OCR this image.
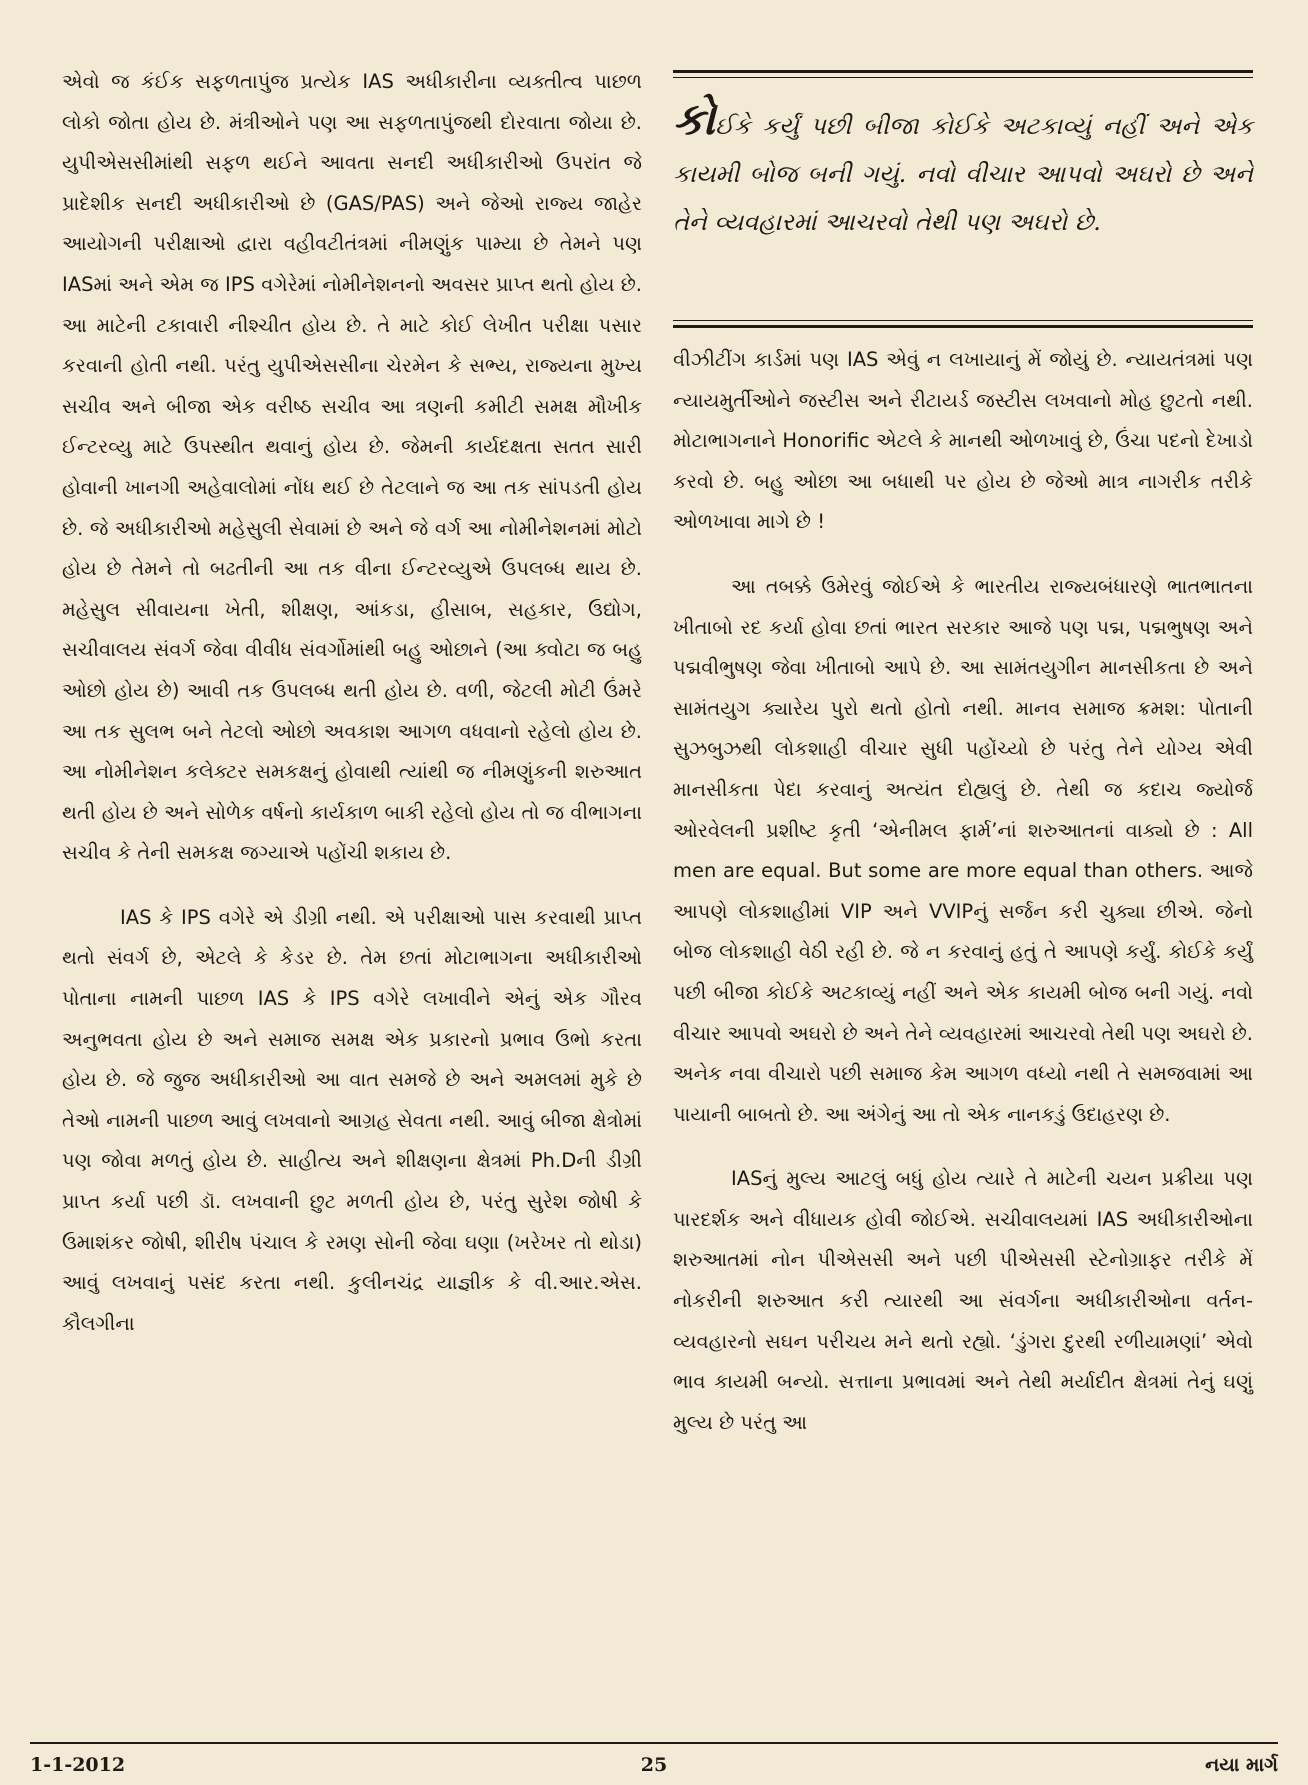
એવો જ કંઈક સફળતાપુંજ પ્રત્યેક IAS અધીકારીના વ્યક્તીત્વ પાછળ લોકો જોતા હોય છે. મંત્રીઓને પણ આ સફળતાપુંજથી દોરવાતા જોયા છે. યુપીએસસીમાંથી સફળ થઈને આવતા સનદી અધીકારીઓ ઉપરાંત જે પ્રાદેશીક સનદી અધીકારીઓ છે (GAS/PAS) અને જેઓ રાજ્ય જાહેર આયોગની પરીક્ષાઓ દ્વારા વહીવટીતંત્રમાં નીમણુંક પામ્યા છે તેમને પણ IASમાં અને એમ જ IPS વગેરેમાં નોમીનેશનનો અવસર પ્રાપ્ત થતો હોય છે. આ માટેની ટકાવારી નીશ્ચીત હોય છે. તે માટે કોઈ લેખીત પરીક્ષા પસાર કરવાની હોતી નથી. પરંતુ યુપીએસસીના ચેરમેન કે સભ્ય, રાજ્યના મુખ્ય સચીવ અને બીજા એક વરીષ્ઠ સચીવ આ ત્રણની કમીટી સમક્ષ મૌખીક ઈન્ટરવ્યુ માટે ઉપસ્થીત થવાનું હોય છે. જેમની કાર્યદક્ષતા સતત સારી હોવાની ખાનગી અહેવાલોમાં નોંધ થઈ છે તેટલાને જ આ તક સાંપડતી હોય છે. જે અધીકારીઓ મહેસુલી સેવામાં છે અને જે વર્ગ આ નોમીનેશનમાં મોટો હોય છે તેમને તો બઢતીની આ તક વીના ઈન્ટરવ્યુએ ઉપલબ્ધ થાય છે. મહેસુલ સીવાયના ખેતી, શીક્ષણ, આંકડા, હીસાબ, સહકાર, ઉદ્યોગ, સચીવાલય સંવર્ગ જેવા વીવીધ સંવર્ગોમાંથી બહુ ઓછાને (આ ક્વોટા જ બહુ ઓછો હોય છે) આવી તક ઉપલબ્ધ થતી હોય છે. વળી, જેટલી મોટી ઉંમરે આ તક સુલભ બને તેટલો ઓછો અવકાશ આગળ વધવાનો રહેલો હોય છે. આ નોમીનેશન કલેક્ટર સમકક્ષનું હોવાથી ત્યાંથી જ નીમણુંકની શરુઆત થતી હોય છે અને સોળેક વર્ષનો કાર્યકાળ બાકી રહેલો હોય તો જ વીભાગના સચીવ કે તેની સમકક્ષ જગ્યાએ પહોંચી શકાય છે.

IAS કે IPS વગેરે એ ડીગ્રી નથી. એ પરીક્ષાઓ પાસ કરવાથી પ્રાપ્ત થતો સંવર્ગ છે, એટલે કે કેડર છે. તેમ છતાં મોટાભાગના અધીકારીઓ પોતાના નામની પાછળ IAS કે IPS વગેરે લખાવીને એનું એક ગૌરવ અનુભવતા હોય છે અને સમાજ સમક્ષ એક પ્રકારનો પ્રભાવ ઉભો કરતા હોય છે. જે જુજ અધીકારીઓ આ વાત સમજે છે અને અમલમાં મુકે છે તેઓ નામની પાછળ આવું લખવાનો આગ્રહ સેવતા નથી. આવું બીજા ક્ષેત્રોમાં પણ જોવા મળતું હોય છે. સાહીત્ય અને શીક્ષણના ક્ષેત્રમાં Ph.Dની ડીગ્રી પ્રાપ્ત કર્યા પછી ડૉ. લખવાની છુટ મળતી હોય છે, પરંતુ સુરેશ જોષી કે ઉમાશંકર જોષી, શીરીષ પંચાલ કે રમણ સોની જેવા ઘણા (ખરેખર તો થોડા) આવું લખવાનું પસંદ કરતા નથી. કુલીનચંદ્ર યાજ્ઞીક કે વી.આર.એસ. કૌલગીના

કોઈકે કર્યું પછી બીજા કોઈકે અટકાવ્યું નહીં અને એક કાયમી બોજ બની ગયું. નવો વીચાર આપવો અઘરો છે અને તેને વ્યવહારમાં આચરવો તેથી પણ અઘરો છે.

વીઝીટીંગ કાર્ડમાં પણ IAS એવું ન લખાયાનું મેં જોયું છે. ન્યાયતંત્રમાં પણ ન્યાયમુર્તીઓને જસ્ટીસ અને રીટાયર્ડ જસ્ટીસ લખવાનો મોહ છુટતો નથી. મોટાભાગનાને Honorific એટલે કે માનથી ઓળખાવું છે, ઉંચા પદનો દેખાડો કરવો છે. બહુ ઓછા આ બધાથી પર હોય છે જેઓ માત્ર નાગરીક તરીકે ઓળખાવા માગે છે !

આ તબક્કે ઉમેરવું જોઈએ કે ભારતીય રાજ્યબંધારણે ભાતભાતના ખીતાબો રદ કર્યા હોવા છતાં ભારત સરકાર આજે પણ પદ્મ, પદ્મભુષણ અને પદ્મવીભુષણ જેવા ખીતાબો આપે છે. આ સામંતયુગીન માનસીકતા છે અને સામંતયુગ ક્યારેય પુરો થતો હોતો નથી. માનવ સમાજ ક્રમશ: પોતાની સુઝબુઝથી લોકશાહી વીચાર સુધી પહોંચ્યો છે પરંતુ તેને યોગ્ય એવી માનસીકતા પેદા કરવાનું અત્યંત દોહ્યલું છે. તેથી જ કદાચ જ્યોર્જ ઓરવેલની પ્રશીષ્ટ કૃતી ‘એનીમલ ફાર્મ’નાં શરુઆતનાં વાક્યો છે : All men are equal. But some are more equal than others. આજે આપણે લોકશાહીમાં VIP અને VVIPનું સર્જન કરી ચુક્યા છીએ. જેનો બોજ લોકશાહી વેઠી રહી છે. જે ન કરવાનું હતું તે આપણે કર્યું. કોઈકે કર્યું પછી બીજા કોઈકે અટકાવ્યું નહીં અને એક કાયમી બોજ બની ગયું. નવો વીચાર આપવો અઘરો છે અને તેને વ્યવહારમાં આચરવો તેથી પણ અઘરો છે. અનેક નવા વીચારો પછી સમાજ કેમ આગળ વધ્યો નથી તે સમજવામાં આ પાયાની બાબતો છે. આ અંગેનું આ તો એક નાનકડું ઉદાહરણ છે.

IASનું મુલ્ય આટલું બધું હોય ત્યારે તે માટેની ચયન પ્રક્રીયા પણ પારદર્શક અને વીધાયક હોવી જોઈએ. સચીવાલયમાં IAS અધીકારીઓના શરુઆતમાં નોન પીએસસી અને પછી પીએસસી સ્ટેનોગ્રાફર તરીકે મેં નોકરીની શરુઆત કરી ત્યારથી આ સંવર્ગના અધીકારીઓના વર્તન-વ્યવહારનો સઘન પરીચય મને થતો રહ્યો. ‘ડુંગરા દુરથી રળીયામણાં’ એવો ભાવ કાયમી બન્યો. સત્તાના પ્રભાવમાં અને તેથી મર્યાદીત ક્ષેત્રમાં તેનું ઘણું મુલ્ય છે પરંતુ આ

1-1-2012	25	નયા માર્ગ
